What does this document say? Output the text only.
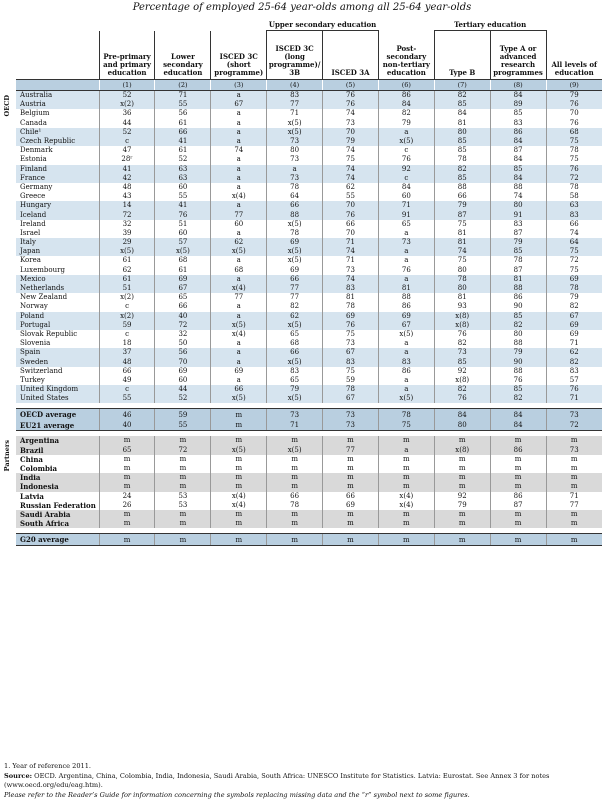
Percentage of employed 25-64 year-olds among all 25-64 year-olds
					Upper secondary education			Tertiary education		
		Pre-primary and primary education	Lower secondary education	ISCED 3C (short programme)	ISCED 3C (long programme)/ 3B	ISCED 3A	Post-secondary non-tertiary education	Type B	Type A or advanced research programmes	All levels of education
		(1)	(2)	(3)	(4)	(5)	(6)	(7)	(8)	(9)

OECD	Australia	52	71	a	83	76	86	82	84	79
	Austria	x(2)	55	67	77	76	84	85	89	76
	Belgium	36	56	a	71	74	82	84	85	70
	Canada	44	61	a	x(5)	73	79	81	83	76
	Chile¹	52	66	a	x(5)	70	a	80	86	68
	Czech Republic	c	41	a	73	79	x(5)	85	84	75
	Denmark	47	61	74	80	74	c	85	87	78
	Estonia	28ʳ	52	a	73	75	76	78	84	75
	Finland	41	63	a	a	74	92	82	85	76
	France	42	63	a	73	74	c	85	84	72
	Germany	48	60	a	78	62	84	88	88	78
	Greece	43	55	x(4)	64	55	60	66	74	58
	Hungary	14	41	a	66	70	71	79	80	63
	Iceland	72	76	77	88	76	91	87	91	83
	Ireland	32	51	60	x(5)	66	65	75	83	66
	Israel	39	60	a	78	70	a	81	87	74
	Italy	29	57	62	69	71	73	81	79	64
	Japan	x(5)	x(5)	x(5)	x(5)	74	a	74	85	75
	Korea	61	68	a	x(5)	71	a	75	78	72
	Luxembourg	62	61	68	69	73	76	80	87	75
	Mexico	61	69	a	66	74	a	78	81	69
	Netherlands	51	67	x(4)	77	83	81	80	88	78
	New Zealand	x(2)	65	77	77	81	88	81	86	79
	Norway	c	66	a	82	78	86	93	90	82
	Poland	x(2)	40	a	62	69	69	x(8)	85	67
	Portugal	59	72	x(5)	x(5)	76	67	x(8)	82	69
	Slovak Republic	c	32	x(4)	65	75	x(5)	76	80	69
	Slovenia	18	50	a	68	73	a	82	88	71
	Spain	37	56	a	66	67	a	73	79	62
	Sweden	48	70	a	x(5)	83	83	85	90	82
	Switzerland	66	69	69	83	75	86	92	88	83
	Turkey	49	60	a	65	59	a	x(8)	76	57
	United Kingdom	c	44	66	79	78	a	82	85	76
	United States	55	52	x(5)	x(5)	67	x(5)	76	82	71

	OECD average	46	59	m	73	73	78	84	84	73
	EU21 average	40	55	m	71	73	75	80	84	72

Partners	Argentina	m	m	m	m	m	m	m	m	m
	Brazil	65	72	x(5)	x(5)	77	a	x(8)	86	73
	China	m	m	m	m	m	m	m	m	m
	Colombia	m	m	m	m	m	m	m	m	m
	India	m	m	m	m	m	m	m	m	m
	Indonesia	m	m	m	m	m	m	m	m	m
	Latvia	24	53	x(4)	66	66	x(4)	92	86	71
	Russian Federation	26	53	x(4)	78	69	x(4)	79	87	77
	Saudi Arabia	m	m	m	m	m	m	m	m	m
	South Africa	m	m	m	m	m	m	m	m	m

	G20 average	m	m	m	m	m	m	m	m	m
1. Year of reference 2011.
Source: OECD. Argentina, China, Colombia, India, Indonesia, Saudi Arabia, South Africa: UNESCO Institute for Statistics. Latvia: Eurostat. See Annex 3 for notes (www.oecd.org/edu/eag.htm).
Please refer to the Reader’s Guide for information concerning the symbols replacing missing data and the “r” symbol next to some figures.
